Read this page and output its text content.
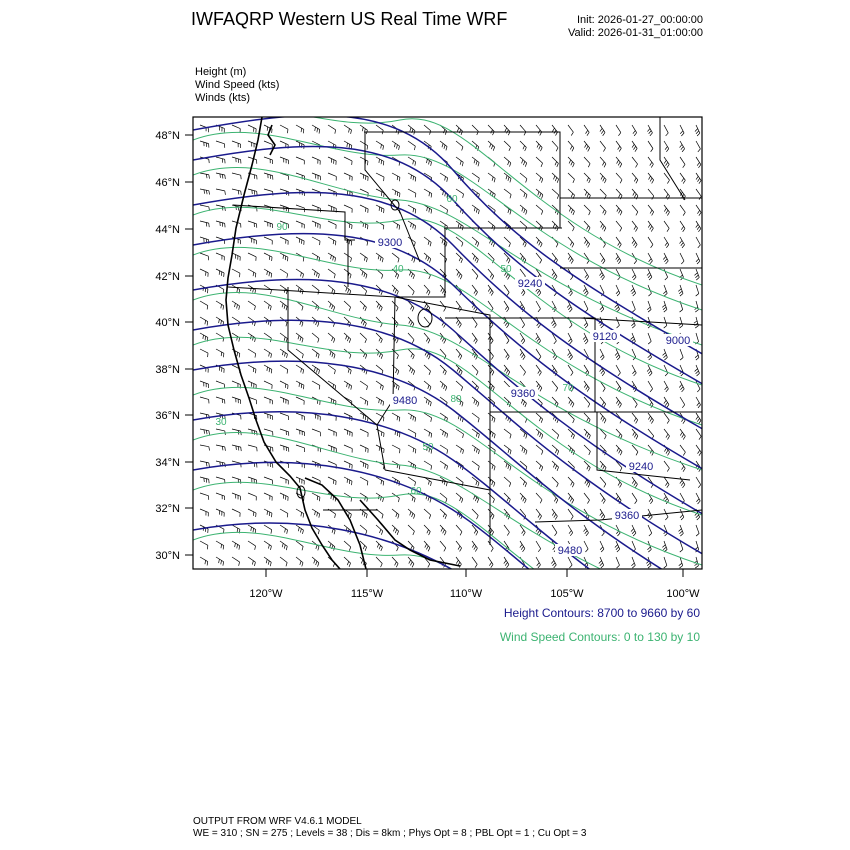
IWFAQRP Western US Real Time WRF	Init: 2026-01-27_00:00:00
Valid: 2026-01-31_01:00:00
Height (m)
Wind Speed (kts)
Winds (kts)
48°N
46°N
44°N
42°N
40°N
38°N
36°N
34°N
32°N
30°N
120°W	115°W	110°W	105°W	100°W
9300
9240
9120	9000
9360
9480
9240
9360
9480
90
40
60
50
80
30
50
60
70
Height Contours: 8700 to 9660 by 60
Wind Speed Contours: 0 to 130 by 10
OUTPUT FROM WRF V4.6.1 MODEL
WE = 310 ; SN = 275 ; Levels = 38 ; Dis = 8km ; Phys Opt = 8 ; PBL Opt = 1 ; Cu Opt = 3
